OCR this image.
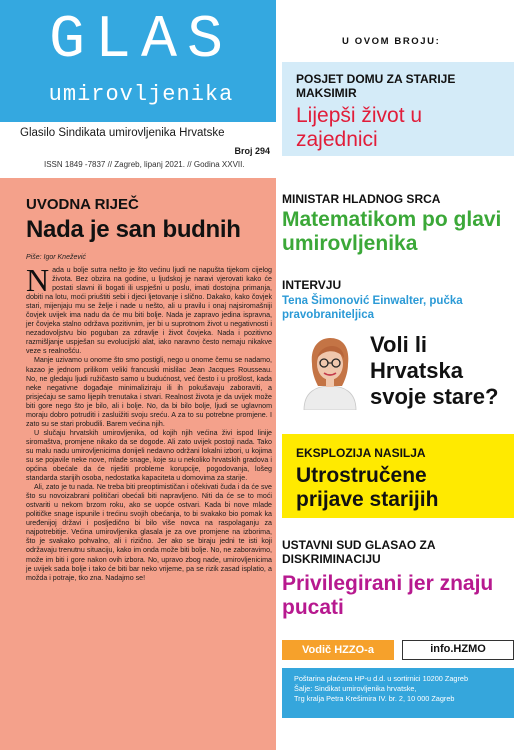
GLAS
umirovljenika
Glasilo Sindikata umirovljenika Hrvatske
Broj 294
ISSN 1849 -7837 // Zagreb, lipanj 2021. // Godina XXVII.
UVODNA RIJEČ
Nada je san budnih
Piše: Igor Knežević

Nada u bolje sutra nešto je što većinu ljudi ne napušta tijekom cijelog života. Bez obzira na godine, u ljudskoj je naravi vjerovati kako će postati slavni ili bogati ili uspješni u poslu, imati dostojna primanja, dobiti na lotu, moći priuštiti sebi i djeci ljetovanje i slično. Dakako, kako čovjek stari, mijenjaju mu se želje i nade u nešto, ali u pravilu i onaj najsiromašniji čovjek uvijek ima nadu da će mu biti bolje. Nada je zapravo jedina ispravna, jer čovjeka stalno održava pozitivnim, jer bi u suprotnom život u negativnosti i nezadovoljstvu bio poguban za zdravlje i život čovjeka. Nada i pozitivno razmišljanje uspješan su evolucijski alat, iako naravno često nemaju nikakve veze s realnošću.

Manje uzivamo u onome što smo postigli, nego u onome čemu se nadamo, kazao je jednom prilikom veliki francuski mislilac Jean Jacques Rousseau. No, ne gledaju ljudi ružičasto samo u budućnost, već često i u prošlost, kada neke negativne događaje minimaliziraju ili ih pokušavaju zaboraviti, a prisjećaju se samo lijepih trenutaka i stvari. Realnost života je da uvijek može biti gore nego što je bilo, ali i bolje. No, da bi bilo bolje, ljudi se uglavnom moraju dobro potruditi i zasluižiti svoju sreću. A za to su potrebne promjene. I zato su se stari probudili. Barem većina njih.

U slučaju hrvatskih umirovljenika, od kojih njih većina živi ispod linije siromaštva, promjene nikako da se dogode. Ali zato uvijek postoji nada. Tako su malu nadu umirovljenicima donijeli nedavno održani lokalni izbori, u kojima su se pojavile neke nove, mlade snage, koje su u nekoliko hrvatskih gradova i općina obećale da će riješiti probleme korupcije, pogodovanja, lošeg standarda starijih osoba, nedostatka kapaciteta u domovima za starije.

Ali, zato je tu nada. Ne treba biti preoptimističan i očekivati čuda i da će sve što su novoizabrani političari obećali biti napravljeno. Niti da će se to moći ostvariti u nekom brzom roku, ako se uopće ostvari. Kada bi nove mlade političke snage ispunile i trećinu svojih obećanja, to bi svakako bio pomak ka uređenijoj državi i posljedično bi bilo više novca na raspolaganju za najpotrebitije. Većina umirovljenika glasala je za ove promjene na izborima, što je svakako pohvalno, ali i rizično. Jer ako se biraju jedni te isti koji održavaju trenutnu situaciju, kako im onda može biti bolje. No, ne zaboravimo, može im biti i gore nakon ovih izbora. No, upravo zbog nade, umirovljenicima je uvijek sada bolje i tako će biti bar neko vrijeme, pa se rizik zasad isplatio, a možda i potraje, tko zna. Nadajmo se!

U OVOM BROJU:
POSJET DOMU ZA STARIJE MAKSIMIR
Lijepši život u zajednici
MINISTAR HLADNOG SRCA
Matematikom po glavi umirovljenika
INTERVJU
Tena Šimonović Einwalter, pučka pravobraniteljica
Voli li Hrvatska svoje stare?
EKSPLOZIJA NASILJA
Utrostručene prijave starijih
USTAVNI SUD GLASAO ZA DISKRIMINACIJU
Privilegirani jer znaju pucati
Vodič HZZO-a	info.HZMO
Poštarina plaćena HP-u d.d. u sortirnici 10200 Zagreb
Šalje: Sindikat umirovljenika hrvatske,
Trg kralja Petra Krešimira IV. br. 2, 10 000 Zagreb
